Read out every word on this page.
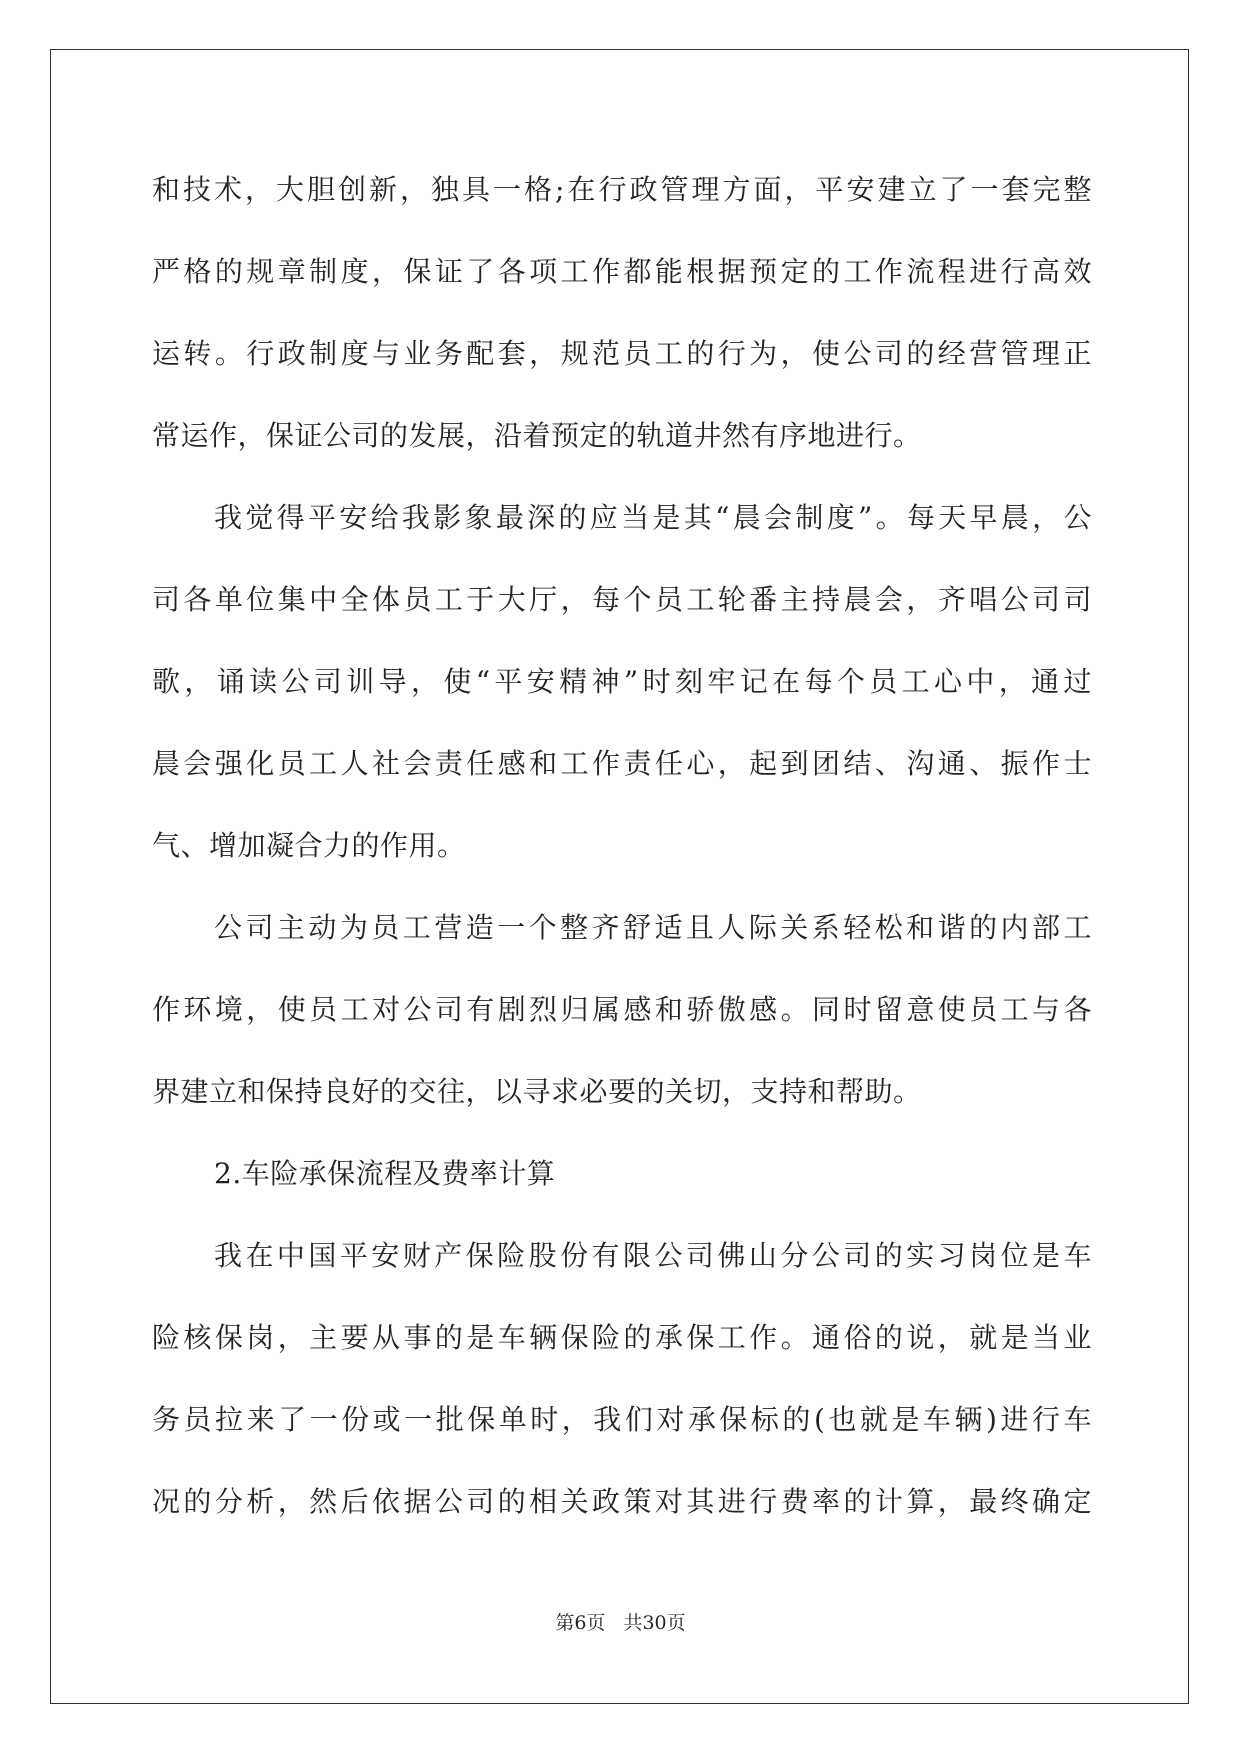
和技术，大胆创新，独具一格;在行政管理方面，平安建立了一套完整
严格的规章制度，保证了各项工作都能根据预定的工作流程进行高效
运转。行政制度与业务配套，规范员工的行为，使公司的经营管理正
常运作，保证公司的发展，沿着预定的轨道井然有序地进行。
我觉得平安给我影象最深的应当是其“晨会制度”。每天早晨，公
司各单位集中全体员工于大厅，每个员工轮番主持晨会，齐唱公司司
歌，诵读公司训导，使“平安精神”时刻牢记在每个员工心中，通过
晨会强化员工人社会责任感和工作责任心，起到团结、沟通、振作士
气、增加凝合力的作用。
公司主动为员工营造一个整齐舒适且人际关系轻松和谐的内部工
作环境，使员工对公司有剧烈归属感和骄傲感。同时留意使员工与各
界建立和保持良好的交往，以寻求必要的关切，支持和帮助。
2.车险承保流程及费率计算
我在中国平安财产保险股份有限公司佛山分公司的实习岗位是车
险核保岗，主要从事的是车辆保险的承保工作。通俗的说，就是当业
务员拉来了一份或一批保单时，我们对承保标的(也就是车辆)进行车
况的分析，然后依据公司的相关政策对其进行费率的计算，最终确定
第6页 共30页
